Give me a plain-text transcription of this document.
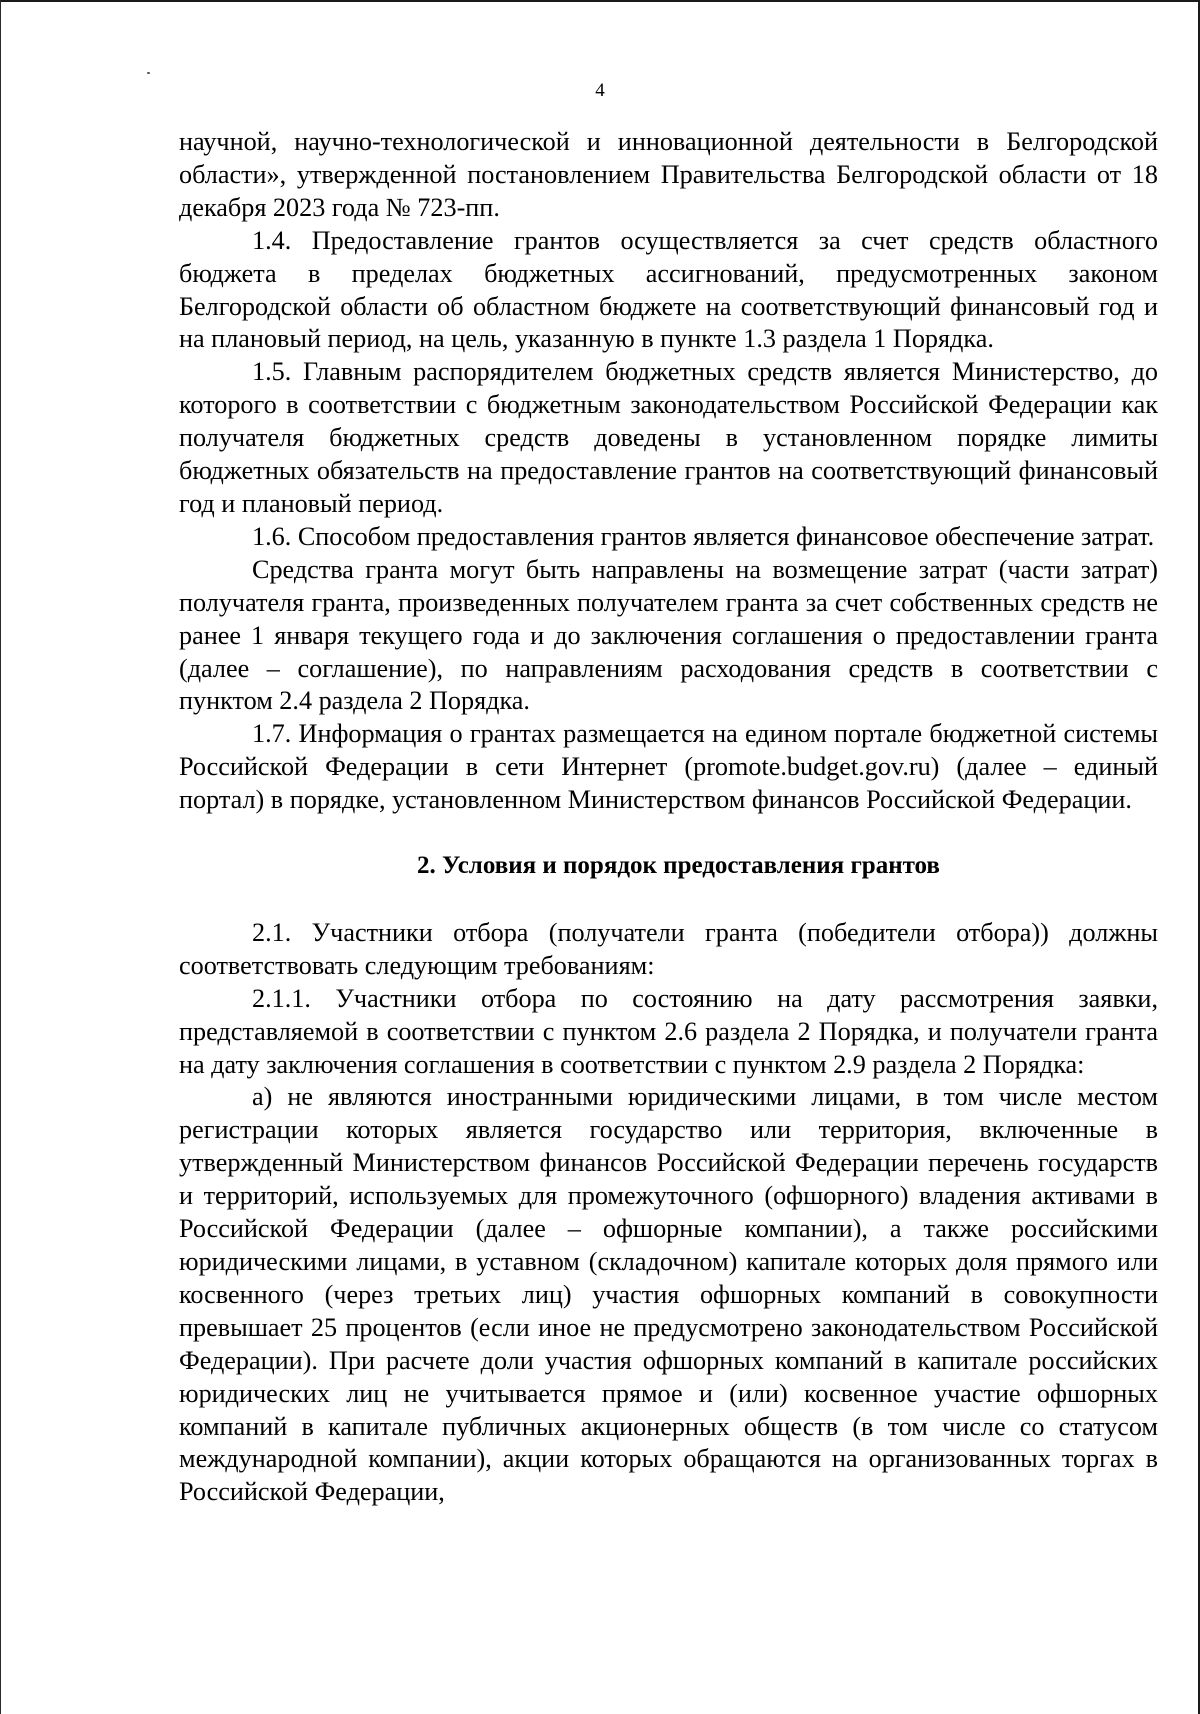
4

научной, научно-технологической и инновационной деятельности в Белгородской области», утвержденной постановлением Правительства Белгородской области от 18 декабря 2023 года № 723-пп.

1.4. Предоставление грантов осуществляется за счет средств областного бюджета в пределах бюджетных ассигнований, предусмотренных законом Белгородской области об областном бюджете на соответствующий финансовый год и на плановый период, на цель, указанную в пункте 1.3 раздела 1 Порядка.

1.5. Главным распорядителем бюджетных средств является Министерство, до которого в соответствии с бюджетным законодательством Российской Федерации как получателя бюджетных средств доведены в установленном порядке лимиты бюджетных обязательств на предоставление грантов на соответствующий финансовый год и плановый период.

1.6. Способом предоставления грантов является финансовое обеспечение затрат.

Средства гранта могут быть направлены на возмещение затрат (части затрат) получателя гранта, произведенных получателем гранта за счет собственных средств не ранее 1 января текущего года и до заключения соглашения о предоставлении гранта (далее – соглашение), по направлениям расходования средств в соответствии с пунктом 2.4 раздела 2 Порядка.

1.7. Информация о грантах размещается на едином портале бюджетной системы Российской Федерации в сети Интернет (promote.budget.gov.ru) (далее – единый портал) в порядке, установленном Министерством финансов Российской Федерации.

2. Условия и порядок предоставления грантов

2.1. Участники отбора (получатели гранта (победители отбора)) должны соответствовать следующим требованиям:

2.1.1. Участники отбора по состоянию на дату рассмотрения заявки, представляемой в соответствии с пунктом 2.6 раздела 2 Порядка, и получатели гранта на дату заключения соглашения в соответствии с пунктом 2.9 раздела 2 Порядка:

а) не являются иностранными юридическими лицами, в том числе местом регистрации которых является государство или территория, включенные в утвержденный Министерством финансов Российской Федерации перечень государств и территорий, используемых для промежуточного (офшорного) владения активами в Российской Федерации (далее – офшорные компании), а также российскими юридическими лицами, в уставном (складочном) капитале которых доля прямого или косвенного (через третьих лиц) участия офшорных компаний в совокупности превышает 25 процентов (если иное не предусмотрено законодательством Российской Федерации). При расчете доли участия офшорных компаний в капитале российских юридических лиц не учитывается прямое и (или) косвенное участие офшорных компаний в капитале публичных акционерных обществ (в том числе со статусом международной компании), акции которых обращаются на организованных торгах в Российской Федерации,
